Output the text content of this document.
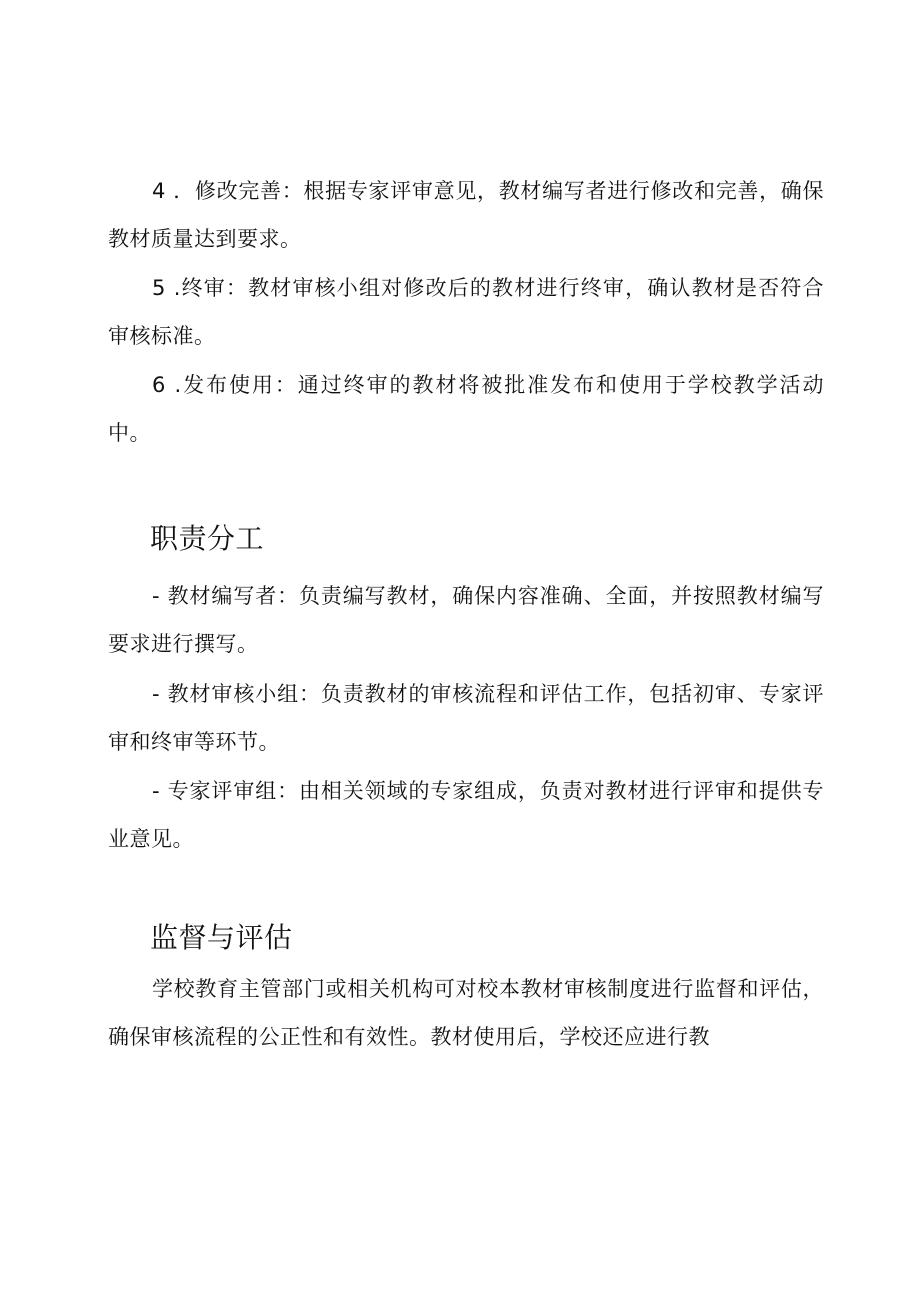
4 ．修改完善：根据专家评审意见，教材编写者进行修改和完善，确保教材质量达到要求。

5 .终审：教材审核小组对修改后的教材进行终审，确认教材是否符合审核标准。

6 .发布使用：通过终审的教材将被批准发布和使用于学校教学活动中。

职责分工

- 教材编写者：负责编写教材，确保内容准确、全面，并按照教材编写要求进行撰写。

- 教材审核小组：负责教材的审核流程和评估工作，包括初审、专家评审和终审等环节。

- 专家评审组：由相关领域的专家组成，负责对教材进行评审和提供专业意见。

监督与评估

学校教育主管部门或相关机构可对校本教材审核制度进行监督和评估，确保审核流程的公正性和有效性。教材使用后，学校还应进行教
